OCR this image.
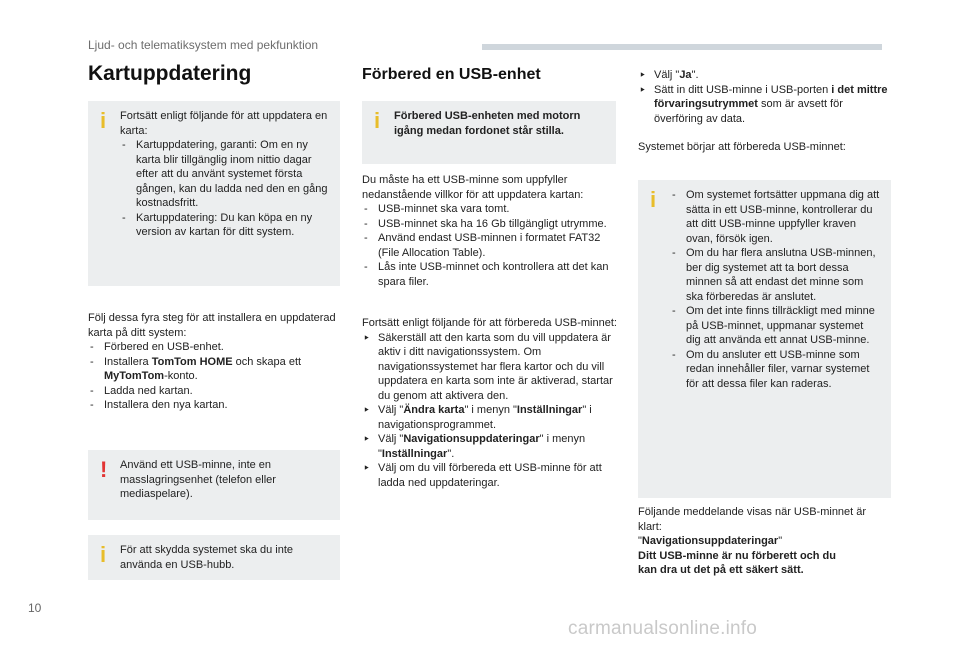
Ljud- och telematiksystem med pekfunktion
Kartuppdatering
i Fortsätt enligt följande för att uppdatera en karta:
- Kartuppdatering, garanti: Om en ny karta blir tillgänglig inom nittio dagar efter att du använt systemet första gången, kan du ladda ned den en gång kostnadsfritt.
- Kartuppdatering: Du kan köpa en ny version av kartan för ditt system.

Följ dessa fyra steg för att installera en uppdaterad karta på ditt system:

- Förbered en USB-enhet.
- Installera TomTom HOME och skapa ett MyTomTom-konto.
- Ladda ned kartan.
- Installera den nya kartan.
! Använd ett USB-minne, inte en masslagringsenhet (telefon eller mediaspelare).
i För att skydda systemet ska du inte använda en USB-hubb.
Förbered en USB-enhet
i Förbered USB-enheten med motorn igång medan fordonet står stilla.

Du måste ha ett USB-minne som uppfyller nedanstående villkor för att uppdatera kartan:

- USB-minnet ska vara tomt.
- USB-minnet ska ha 16 Gb tillgängligt utrymme.
- Använd endast USB-minnen i formatet FAT32 (File Allocation Table).
- Lås inte USB-minnet och kontrollera att det kan spara filer.

Fortsätt enligt följande för att förbereda USB-minnet:

‣ Säkerställ att den karta som du vill uppdatera är aktiv i ditt navigationssystem. Om navigationssystemet har flera kartor och du vill uppdatera en karta som inte är aktiverad, startar du genom att aktivera den.
‣ Välj "Ändra karta" i menyn "Inställningar" i navigationsprogrammet.
‣ Välj "Navigationsuppdateringar" i menyn "Inställningar".
‣ Välj om du vill förbereda ett USB-minne för att ladda ned uppdateringar.
‣ Välj "Ja".
‣ Sätt in ditt USB-minne i USB-porten i det mittre förvaringsutrymmet som är avsett för överföring av data.
Systemet börjar att förbereda USB-minnet:
i
-	Om systemet fortsätter uppmana dig att sätta in ett USB-minne, kontrollerar du att ditt USB-minne uppfyller kraven ovan, försök igen.
- Om du har flera anslutna USB-minnen, ber dig systemet att ta bort dessa minnen så att endast det minne som ska förberedas är anslutet.
- Om det inte finns tillräckligt med minne på USB-minnet, uppmanar systemet dig att använda ett annat USB-minne.
- Om du ansluter ett USB-minne som redan innehåller filer, varnar systemet för att dessa filer kan raderas.

Följande meddelande visas när USB-minnet är klart:

"Navigationsuppdateringar"

Ditt USB-minne är nu förberett och du kan dra ut det på ett säkert sätt.

10
carmanualsonline.info
